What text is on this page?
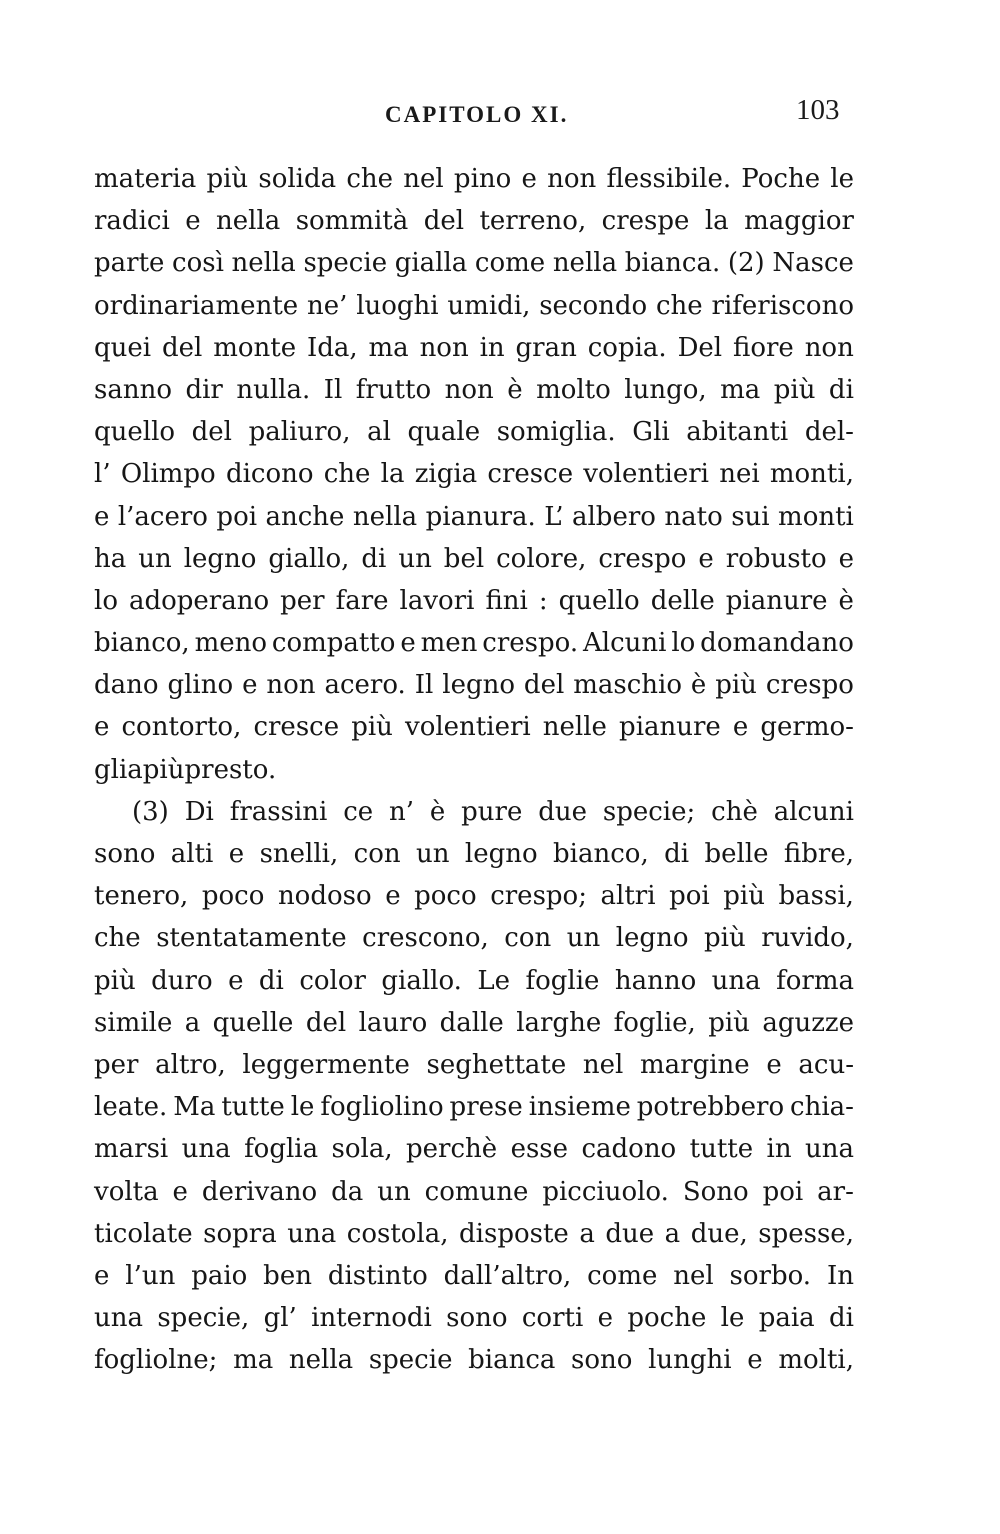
CAPITOLO XI.	103
materia più solida che nel pino e non flessibile. Poche le
radici e nella sommità del terreno, crespe la maggior
parte così nella specie gialla come nella bianca. (2) Nasce
ordinariamente ne’ luoghi umidi, secondo che riferiscono
quei del monte Ida, ma non in gran copia. Del fiore non
sanno dir nulla. Il frutto non è molto lungo, ma più di
quello del paliuro, al quale somiglia. Gli abitanti del-
l’ Olimpo dicono che la zigia cresce volentieri nei monti,
e l’acero poi anche nella pianura. L’ albero nato sui monti
ha un legno giallo, di un bel colore, crespo e robusto e
lo adoperano per fare lavori fini : quello delle pianure è
bianco, meno compatto e men crespo. Alcuni lo domandano
dano glino e non acero. Il legno del maschio è più crespo
e contorto, cresce più volentieri nelle pianure e germo-
glia più presto.
(3) Di frassini ce n’ è pure due specie; chè alcuni
sono alti e snelli, con un legno bianco, di belle fibre,
tenero, poco nodoso e poco crespo; altri poi più bassi,
che stentatamente crescono, con un legno più ruvido,
più duro e di color giallo. Le foglie hanno una forma
simile a quelle del lauro dalle larghe foglie, più aguzze
per altro, leggermente seghettate nel margine e acu-
leate. Ma tutte le fogliolino prese insieme potrebbero chia-
marsi una foglia sola, perchè esse cadono tutte in una
volta e derivano da un comune picciuolo. Sono poi ar-
ticolate sopra una costola, disposte a due a due, spesse,
e l’un paio ben distinto dall’altro, come nel sorbo. In
una specie, gl’ internodi sono corti e poche le paia di
fogliolne; ma nella specie bianca sono lunghi e molti,
